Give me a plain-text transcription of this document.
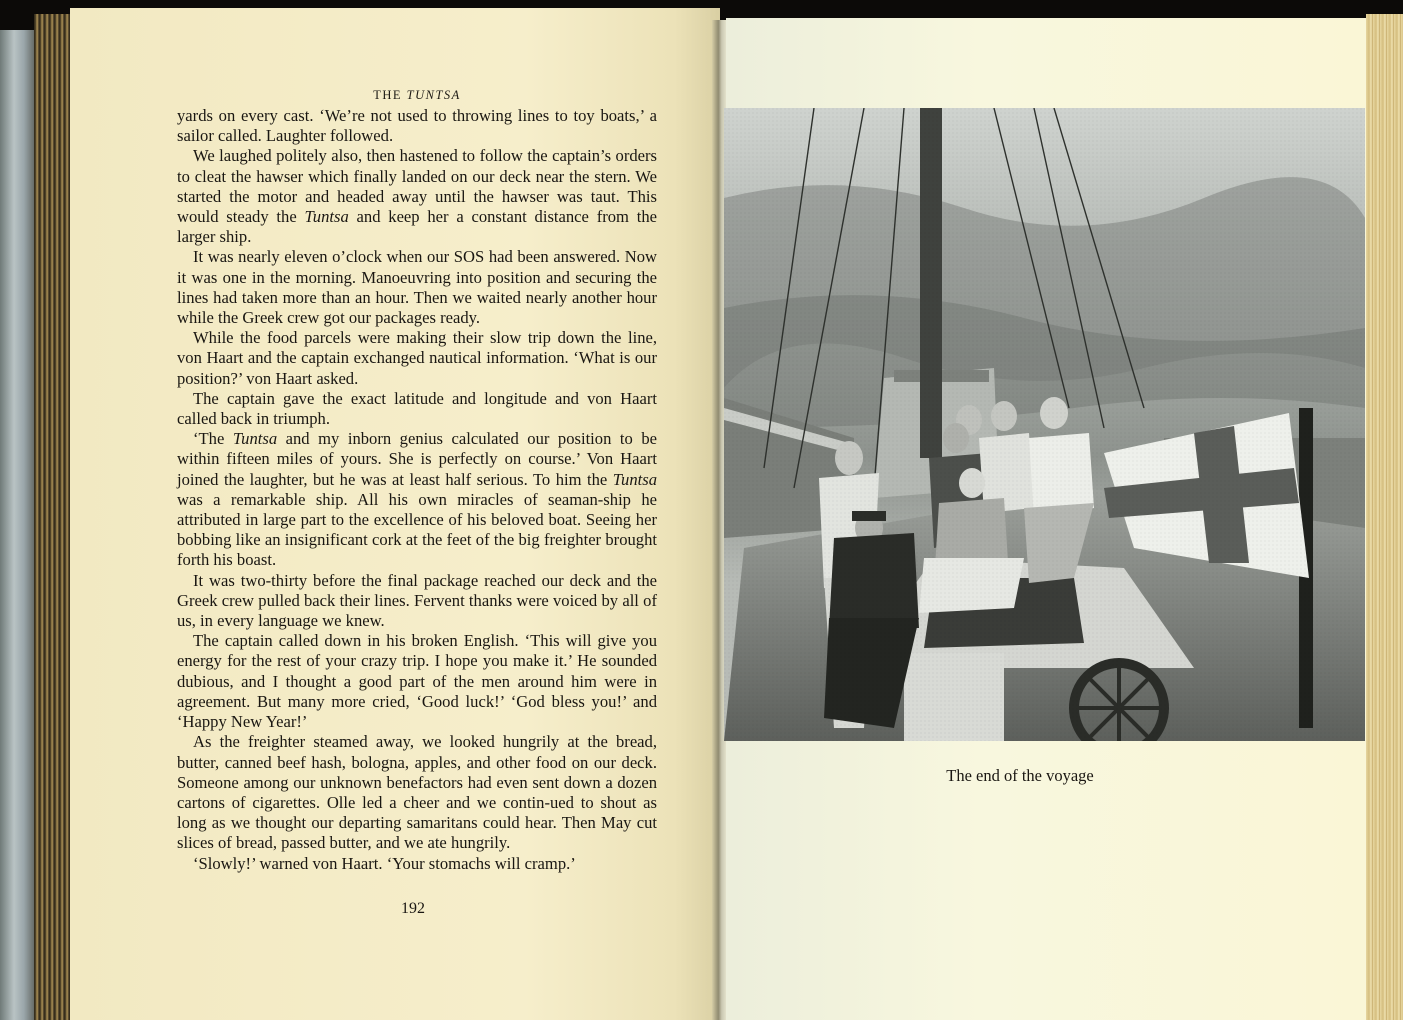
THE TUNTSA

yards on every cast. ‘We’re not used to throwing lines to toy boats,’ a sailor called. Laughter followed.

We laughed politely also, then hastened to follow the captain’s orders to cleat the hawser which finally landed on our deck near the stern. We started the motor and headed away until the hawser was taut. This would steady the Tuntsa and keep her a constant distance from the larger ship.

It was nearly eleven o’clock when our SOS had been answered. Now it was one in the morning. Manoeuvring into position and securing the lines had taken more than an hour. Then we waited nearly another hour while the Greek crew got our packages ready.

While the food parcels were making their slow trip down the line, von Haart and the captain exchanged nautical information. ‘What is our position?’ von Haart asked.

The captain gave the exact latitude and longitude and von Haart called back in triumph.

‘The Tuntsa and my inborn genius calculated our position to be within fifteen miles of yours. She is perfectly on course.’ Von Haart joined the laughter, but he was at least half serious. To him the Tuntsa was a remarkable ship. All his own miracles of seaman-ship he attributed in large part to the excellence of his beloved boat. Seeing her bobbing like an insignificant cork at the feet of the big freighter brought forth his boast.

It was two-thirty before the final package reached our deck and the Greek crew pulled back their lines. Fervent thanks were voiced by all of us, in every language we knew.

The captain called down in his broken English. ‘This will give you energy for the rest of your crazy trip. I hope you make it.’ He sounded dubious, and I thought a good part of the men around him were in agreement. But many more cried, ‘Good luck!’ ‘God bless you!’ and ‘Happy New Year!’

As the freighter steamed away, we looked hungrily at the bread, butter, canned beef hash, bologna, apples, and other food on our deck. Someone among our unknown benefactors had even sent down a dozen cartons of cigarettes. Olle led a cheer and we contin-ued to shout as long as we thought our departing samaritans could hear. Then May cut slices of bread, passed butter, and we ate hungrily.

‘Slowly!’ warned von Haart. ‘Your stomachs will cramp.’

192
The end of the voyage
